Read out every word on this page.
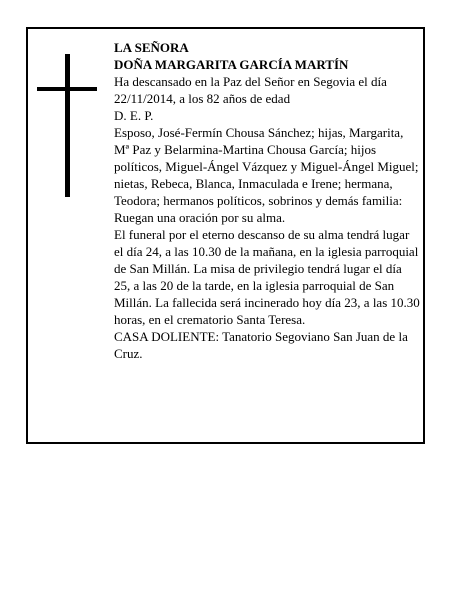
LA SEÑORA

DOÑA MARGARITA GARCÍA MARTÍN

Ha descansado en la Paz del Señor en Segovia el día 22/11/2014, a los 82 años de edad

D. E. P.

Esposo, José-Fermín Chousa Sánchez; hijas, Margarita, Mª Paz y Belarmina-Martina Chousa García; hijos políticos, Miguel-Ángel Vázquez y Miguel-Ángel Miguel; nietas, Rebeca, Blanca, Inmaculada e Irene; hermana, Teodora; hermanos políticos, sobrinos y demás familia:

Ruegan una oración por su alma.

El funeral por el eterno descanso de su alma tendrá lugar el día 24, a las 10.30 de la mañana, en la iglesia parroquial de San Millán. La misa de privilegio tendrá lugar el día 25, a las 20 de la tarde, en la iglesia parroquial de San Millán. La fallecida será incinerado hoy día 23, a las 10.30 horas, en el crematorio Santa Teresa.

CASA DOLIENTE: Tanatorio Segoviano San Juan de la Cruz.
